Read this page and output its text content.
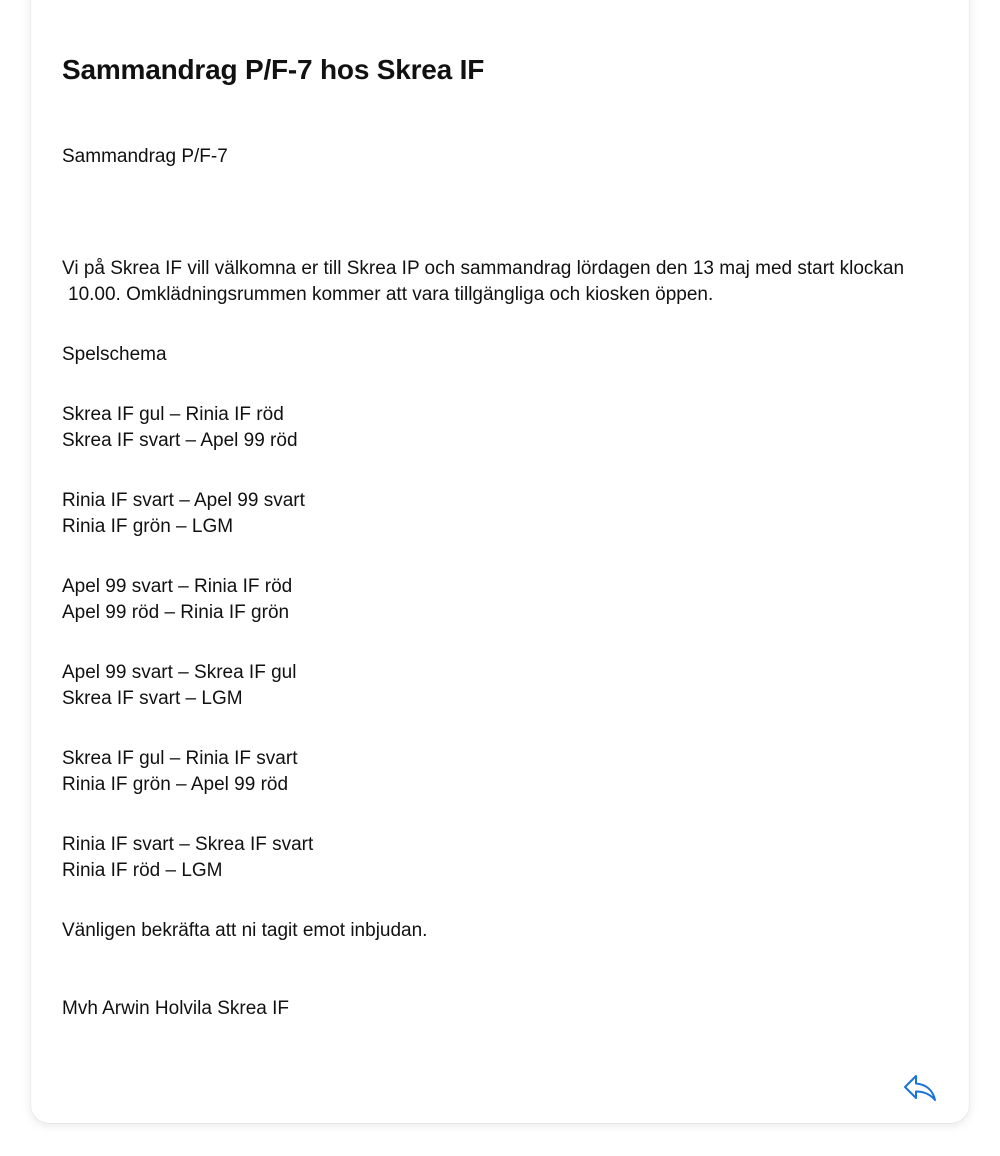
Sammandrag P/F-7 hos Skrea IF

Sammandrag P/F-7

Vi på Skrea IF vill välkomna er till Skrea IP och sammandrag lördagen den 13 maj med start klockan
10.00. Omklädningsrummen kommer att vara tillgängliga och kiosken öppen.

Spelschema

Skrea IF gul – Rinia IF röd
Skrea IF svart – Apel 99 röd
Rinia IF svart – Apel 99 svart
Rinia IF grön – LGM
Apel 99 svart – Rinia IF röd
Apel 99 röd – Rinia IF grön
Apel 99 svart – Skrea IF gul
Skrea IF svart – LGM
Skrea IF gul – Rinia IF svart
Rinia IF grön – Apel 99 röd
Rinia IF svart – Skrea IF svart
Rinia IF röd – LGM

Vänligen bekräfta att ni tagit emot inbjudan.

Mvh Arwin Holvila Skrea IF
